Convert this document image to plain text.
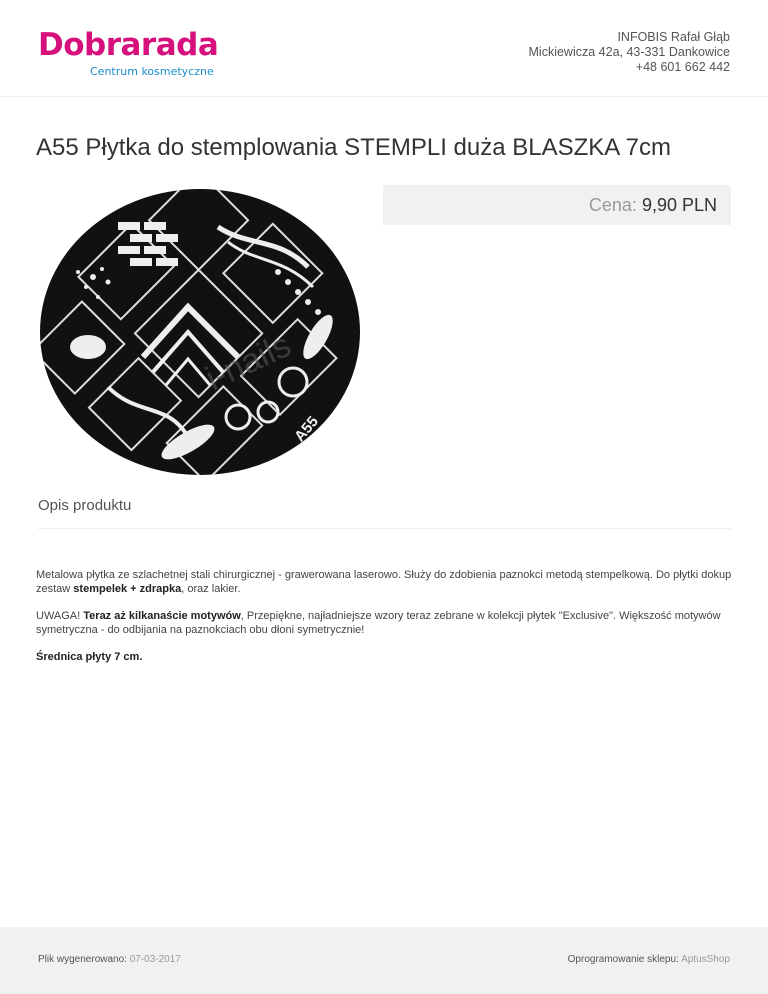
Dobrarada
Centrum kosmetyczne
INFOBIS Rafał Głąb
Mickiewicza 42a, 43-331 Dankowice
+48 601 662 442
A55 Płytka do stemplowania STEMPLI duża BLASZKA 7cm
Cena: 9,90 PLN
i-nails
A55
Opis produktu

Metalowa płytka ze szlachetnej stali chirurgicznej - grawerowana laserowo. Służy do zdobienia paznokci metodą stempelkową. Do płytki dokup zestaw stempelek + zdrapka, oraz lakier.

UWAGA! Teraz aż kilkanaście motywów, Przepiękne, najładniejsze wzory teraz zebrane w kolekcji płytek "Exclusive". Większość motywów symetryczna - do odbijania na paznokciach obu dłoni symetrycznie!

Średnica płyty 7 cm.

Plik wygenerowano: 07-03-2017	Oprogramowanie sklepu: AptusShop
